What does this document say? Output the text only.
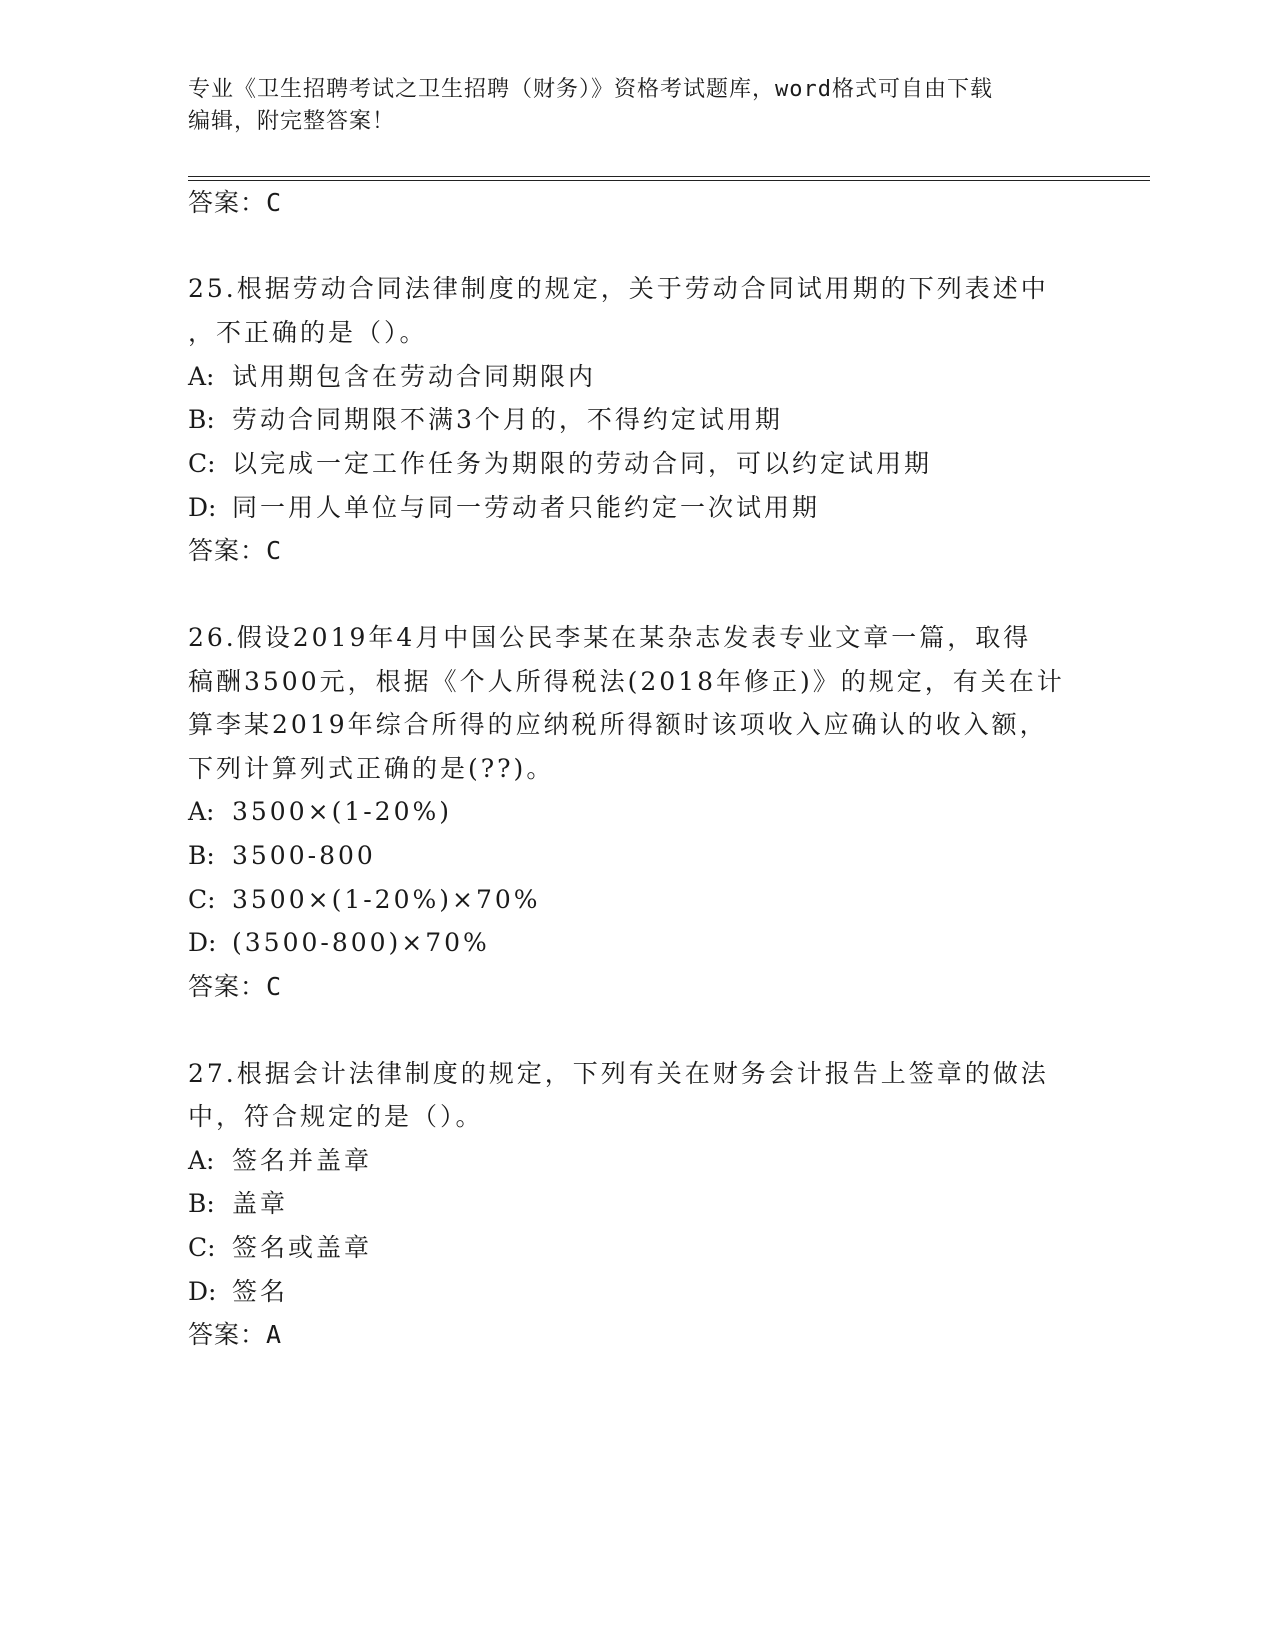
专业《卫生招聘考试之卫生招聘（财务）》资格考试题库，word格式可自由下载
编辑，附完整答案！
答案：C
25.根据劳动合同法律制度的规定，关于劳动合同试用期的下列表述中
，不正确的是（）。
A: 试用期包含在劳动合同期限内
B: 劳动合同期限不满3个月的，不得约定试用期
C: 以完成一定工作任务为期限的劳动合同，可以约定试用期
D: 同一用人单位与同一劳动者只能约定一次试用期
答案：C
26.假设2019年4月中国公民李某在某杂志发表专业文章一篇，取得
稿酬3500元，根据《个人所得税法(2018年修正)》的规定，有关在计
算李某2019年综合所得的应纳税所得额时该项收入应确认的收入额，
下列计算列式正确的是(??)。
A: 3500×(1-20%)
B: 3500-800
C: 3500×(1-20%)×70%
D: (3500-800)×70%
答案：C
27.根据会计法律制度的规定，下列有关在财务会计报告上签章的做法
中，符合规定的是（）。
A: 签名并盖章
B: 盖章
C: 签名或盖章
D: 签名
答案：A
